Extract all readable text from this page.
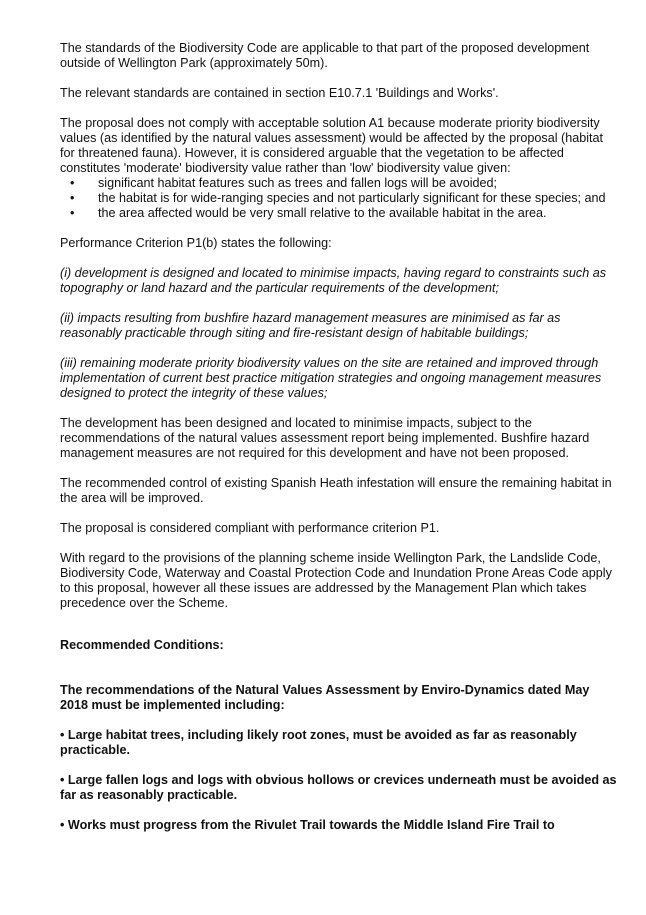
The standards of the Biodiversity Code are applicable to that part of the proposed development outside of Wellington Park (approximately 50m).

The relevant standards are contained in section E10.7.1 'Buildings and Works'.

The proposal does not comply with acceptable solution A1 because moderate priority biodiversity values (as identified by the natural values assessment) would be affected by the proposal (habitat for threatened fauna). However, it is considered arguable that the vegetation to be affected constitutes 'moderate' biodiversity value rather than 'low' biodiversity value given:

• significant habitat features such as trees and fallen logs will be avoided;
• the habitat is for wide-ranging species and not particularly significant for these species; and
• the area affected would be very small relative to the available habitat in the area.

Performance Criterion P1(b) states the following:

(i) development is designed and located to minimise impacts, having regard to constraints such as topography or land hazard and the particular requirements of the development;

(ii) impacts resulting from bushfire hazard management measures are minimised as far as reasonably practicable through siting and fire-resistant design of habitable buildings;

(iii) remaining moderate priority biodiversity values on the site are retained and improved through implementation of current best practice mitigation strategies and ongoing management measures designed to protect the integrity of these values;

The development has been designed and located to minimise impacts, subject to the recommendations of the natural values assessment report being implemented. Bushfire hazard management measures are not required for this development and have not been proposed.

The recommended control of existing Spanish Heath infestation will ensure the remaining habitat in the area will be improved.

The proposal is considered compliant with performance criterion P1.

With regard to the provisions of the planning scheme inside Wellington Park, the Landslide Code, Biodiversity Code, Waterway and Coastal Protection Code and Inundation Prone Areas Code apply to this proposal, however all these issues are addressed by the Management Plan which takes precedence over the Scheme.

Recommended Conditions:

The recommendations of the Natural Values Assessment by Enviro-Dynamics dated May 2018 must be implemented including:

• Large habitat trees, including likely root zones, must be avoided as far as reasonably practicable.

• Large fallen logs and logs with obvious hollows or crevices underneath must be avoided as far as reasonably practicable.

• Works must progress from the Rivulet Trail towards the Middle Island Fire Trail to
